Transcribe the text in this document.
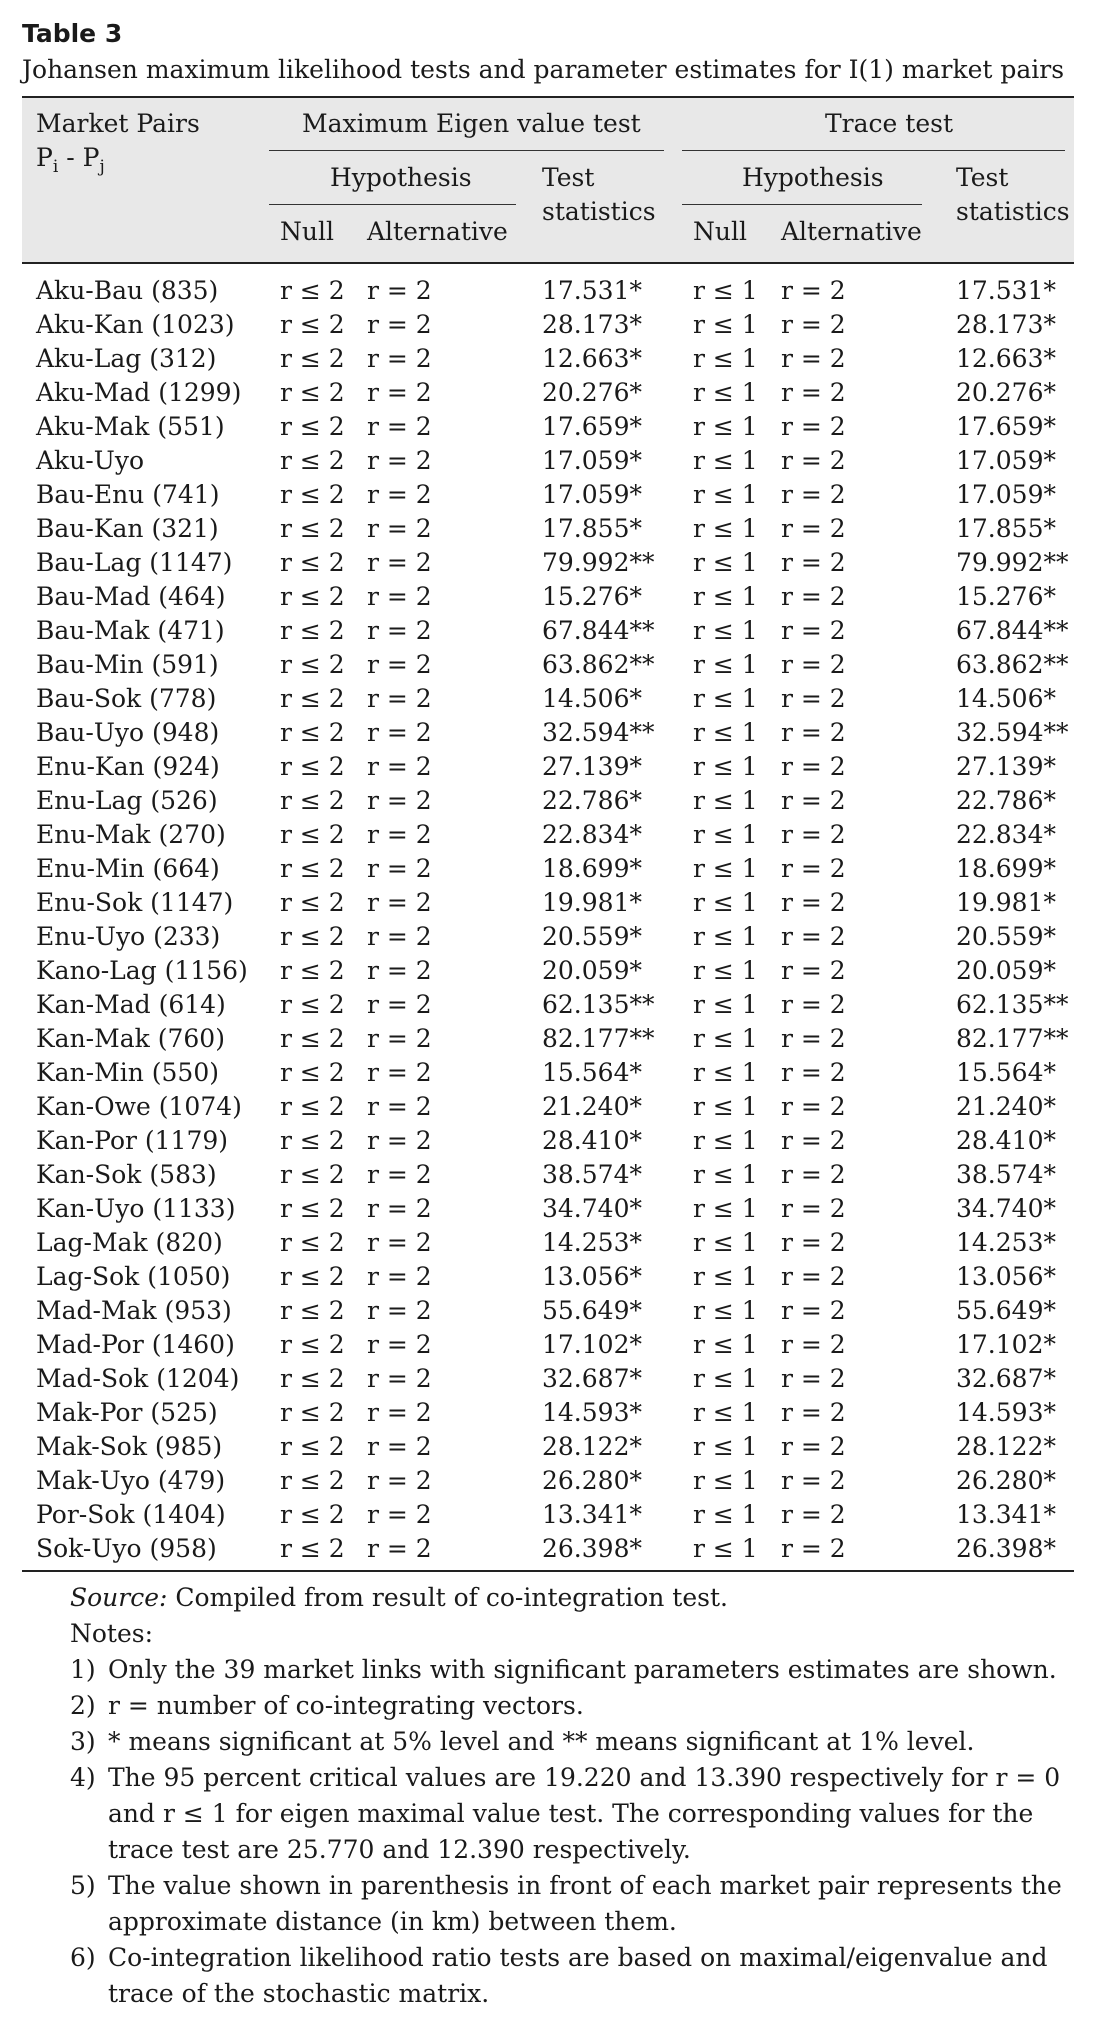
Table 3
Johansen maximum likelihood tests and parameter estimates for I(1) market pairs
Market Pairs
$P_i - P_j$
Maximum Eigen value test	Trace test
Hypothesis	Hypothesis
Test
statistics
Test
statistics
Null Alternative	Null Alternative
Aku-Bau (835) r ≤ 2 r = 2	17.531* r ≤ 1 r = 2	17.531*
Aku-Kan (1023) r ≤ 2 r = 2	28.173* r ≤ 1 r = 2	28.173*
Aku-Lag (312)	r ≤ 2 r = 2	12.663* r ≤ 1 r = 2	12.663*
Aku-Mad (1299) r ≤ 2 r = 2	20.276* r ≤ 1 r = 2	20.276*
Aku-Mak (551) r ≤ 2 r = 2	17.659* r ≤ 1 r = 2	17.659*
Aku-Uyo	r ≤ 2 r = 2	17.059* r ≤ 1 r = 2	17.059*
Bau-Enu (741) r ≤ 2 r = 2	17.059* r ≤ 1 r = 2	17.059*
Bau-Kan (321) r ≤ 2 r = 2	17.855* r ≤ 1 r = 2	17.855*
Bau-Lag (1147) r ≤ 2 r = 2	79.992** r ≤ 1 r = 2	79.992**
Bau-Mad (464) r ≤ 2 r = 2	15.276* r ≤ 1 r = 2	15.276*
Bau-Mak (471) r ≤ 2 r = 2	67.844** r ≤ 1 r = 2	67.844**
Bau-Min (591) r ≤ 2 r = 2	63.862** r ≤ 1 r = 2	63.862**
Bau-Sok (778)	r ≤ 2 r = 2	14.506* r ≤ 1 r = 2	14.506*
Bau-Uyo (948) r ≤ 2 r = 2	32.594** r ≤ 1 r = 2	32.594**
Enu-Kan (924) r ≤ 2 r = 2	27.139* r ≤ 1 r = 2	27.139*
Enu-Lag (526) r ≤ 2 r = 2	22.786* r ≤ 1 r = 2	22.786*
Enu-Mak (270) r ≤ 2 r = 2	22.834* r ≤ 1 r = 2	22.834*
Enu-Min (664) r ≤ 2 r = 2	18.699* r ≤ 1 r = 2	18.699*
Enu-Sok (1147) r ≤ 2 r = 2	19.981* r ≤ 1 r = 2	19.981*
Enu-Uyo (233) r ≤ 2 r = 2	20.559* r ≤ 1 r = 2	20.559*
Kano-Lag (1156) r ≤ 2 r = 2	20.059* r ≤ 1 r = 2	20.059*
Kan-Mad (614) r ≤ 2 r = 2	62.135** r ≤ 1 r = 2	62.135**
Kan-Mak (760) r ≤ 2 r = 2	82.177** r ≤ 1 r = 2	82.177**
Kan-Min (550) r ≤ 2 r = 2	15.564* r ≤ 1 r = 2	15.564*
Kan-Owe (1074) r ≤ 2 r = 2	21.240* r ≤ 1 r = 2	21.240*
Kan-Por (1179) r ≤ 2 r = 2	28.410* r ≤ 1 r = 2	28.410*
Kan-Sok (583)	r ≤ 2 r = 2	38.574* r ≤ 1 r = 2	38.574*
Kan-Uyo (1133) r ≤ 2 r = 2	34.740* r ≤ 1 r = 2	34.740*
Lag-Mak (820) r ≤ 2 r = 2	14.253* r ≤ 1 r = 2	14.253*
Lag-Sok (1050) r ≤ 2 r = 2	13.056* r ≤ 1 r = 2	13.056*
Mad-Mak (953) r ≤ 2 r = 2	55.649* r ≤ 1 r = 2	55.649*
Mad-Por (1460) r ≤ 2 r = 2	17.102* r ≤ 1 r = 2	17.102*
Mad-Sok (1204) r ≤ 2 r = 2	32.687* r ≤ 1 r = 2	32.687*
Mak-Por (525) r ≤ 2 r = 2	14.593* r ≤ 1 r = 2	14.593*
Mak-Sok (985) r ≤ 2 r = 2	28.122* r ≤ 1 r = 2	28.122*
Mak-Uyo (479) r ≤ 2 r = 2	26.280* r ≤ 1 r = 2	26.280*
Por-Sok (1404) r ≤ 2 r = 2	13.341* r ≤ 1 r = 2	13.341*
Sok-Uyo (958)	r ≤ 2 r = 2	26.398* r ≤ 1 r = 2	26.398*
Source: Compiled from result of co-integration test.
Notes:
1) Only the 39 market links with significant parameters estimates are shown.
2) r = number of co-integrating vectors.
3) * means significant at 5% level and ** means significant at 1% level.
4) The 95 percent critical values are 19.220 and 13.390 respectively for r = 0 and r ≤ 1 for eigen maximal value test. The corresponding values for the trace test are 25.770 and 12.390 respectively.
5) The value shown in parenthesis in front of each market pair represents the approximate distance (in km) between them.
6) Co-integration likelihood ratio tests are based on maximal/eigenvalue and trace of the stochastic matrix.
